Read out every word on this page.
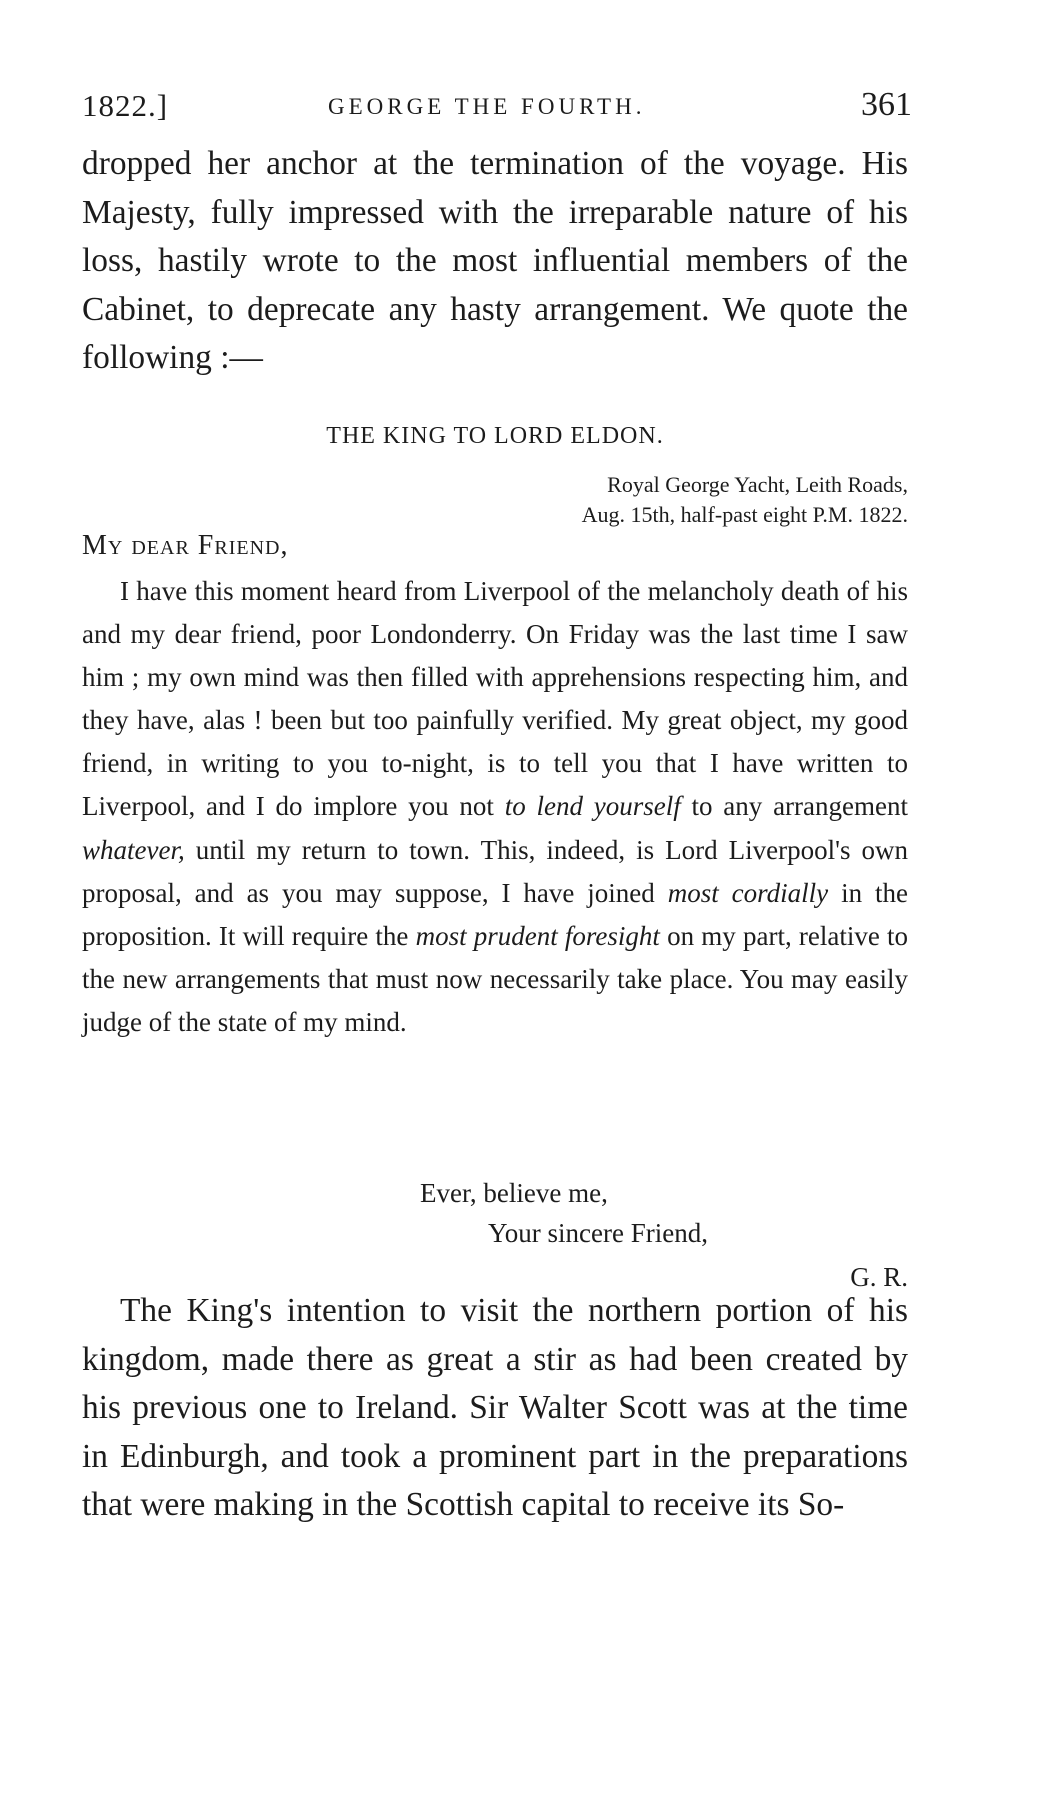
1822.]	GEORGE THE FOURTH.	361

dropped her anchor at the termination of the voyage. His Majesty, fully impressed with the irreparable nature of his loss, hastily wrote to the most influential members of the Cabinet, to deprecate any hasty arrangement. We quote the following :—

THE KING TO LORD ELDON.
Royal George Yacht, Leith Roads,
Aug. 15th, half-past eight P.M. 1822.
My dear Friend,

I have this moment heard from Liverpool of the melancholy death of his and my dear friend, poor Londonderry. On Friday was the last time I saw him ; my own mind was then filled with apprehensions respecting him, and they have, alas ! been but too painfully verified. My great object, my good friend, in writing to you to-night, is to tell you that I have written to Liverpool, and I do implore you not to lend yourself to any arrangement whatever, until my return to town. This, indeed, is Lord Liverpool's own proposal, and as you may suppose, I have joined most cordially in the proposition. It will require the most prudent foresight on my part, relative to the new arrangements that must now necessarily take place. You may easily judge of the state of my mind.

Ever, believe me,
Your sincere Friend,
G. R.

The King's intention to visit the northern portion of his kingdom, made there as great a stir as had been created by his previous one to Ireland. Sir Walter Scott was at the time in Edinburgh, and took a prominent part in the preparations that were making in the Scottish capital to receive its So-
